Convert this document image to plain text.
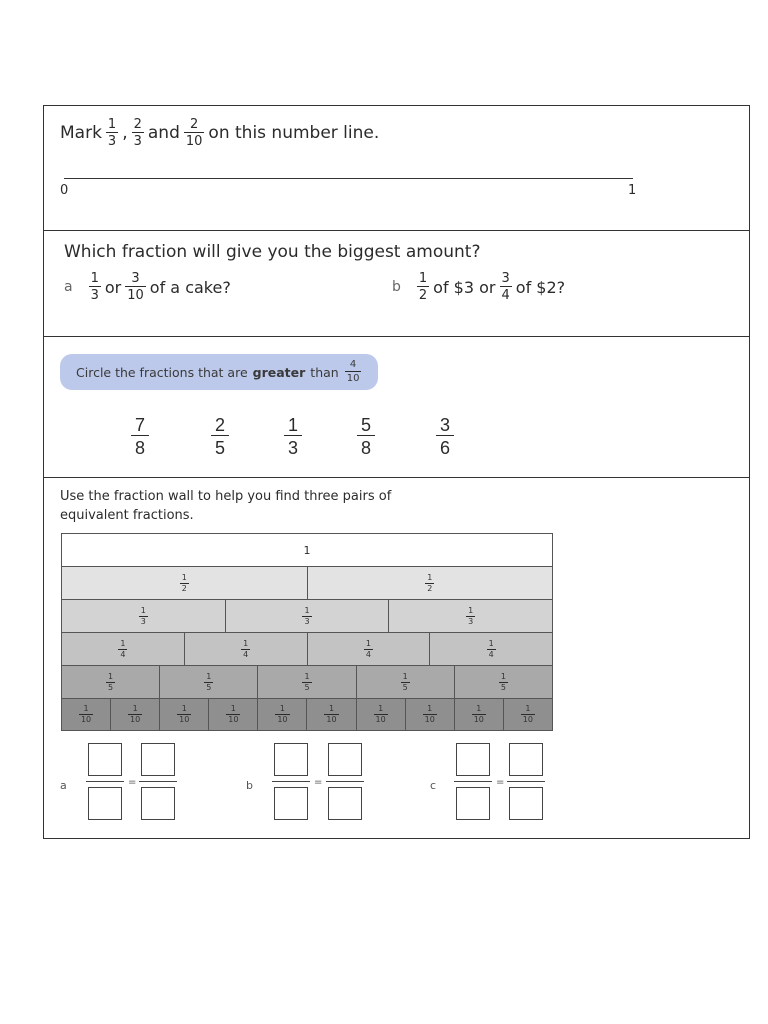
Mark $\frac{1}{3}$ , $\frac{2}{3}$ and $\frac{2}{10}$ on this number line.
0	1
Which fraction will give you the biggest amount?
a $\frac{1}{3}$ or $\frac{3}{10}$ of a cake?	b $\frac{1}{2}$ of $3 or $\frac{3}{4}$ of $2?
Circle the fractions that are greater than $\frac{4}{10}$
$\frac{7}{8}$	$\frac{2}{5}$	$\frac{1}{3}$	$\frac{5}{8}$	$\frac{3}{6}$
Use the fraction wall to help you find three pairs of equivalent fractions.
1
$\frac{1}{2}$	$\frac{1}{2}$
$\frac{1}{3}$	$\frac{1}{3}$	$\frac{1}{3}$
$\frac{1}{4}$	$\frac{1}{4}$	$\frac{1}{4}$	$\frac{1}{4}$
$\frac{1}{5}$	$\frac{1}{5}$	$\frac{1}{5}$	$\frac{1}{5}$	$\frac{1}{5}$
$\frac{1}{10}$	$\frac{1}{10}$	$\frac{1}{10}$	$\frac{1}{10}$	$\frac{1}{10}$	$\frac{1}{10}$	$\frac{1}{10}$	$\frac{1}{10}$	$\frac{1}{10}$	$\frac{1}{10}$
a	=	b	=	c	=
